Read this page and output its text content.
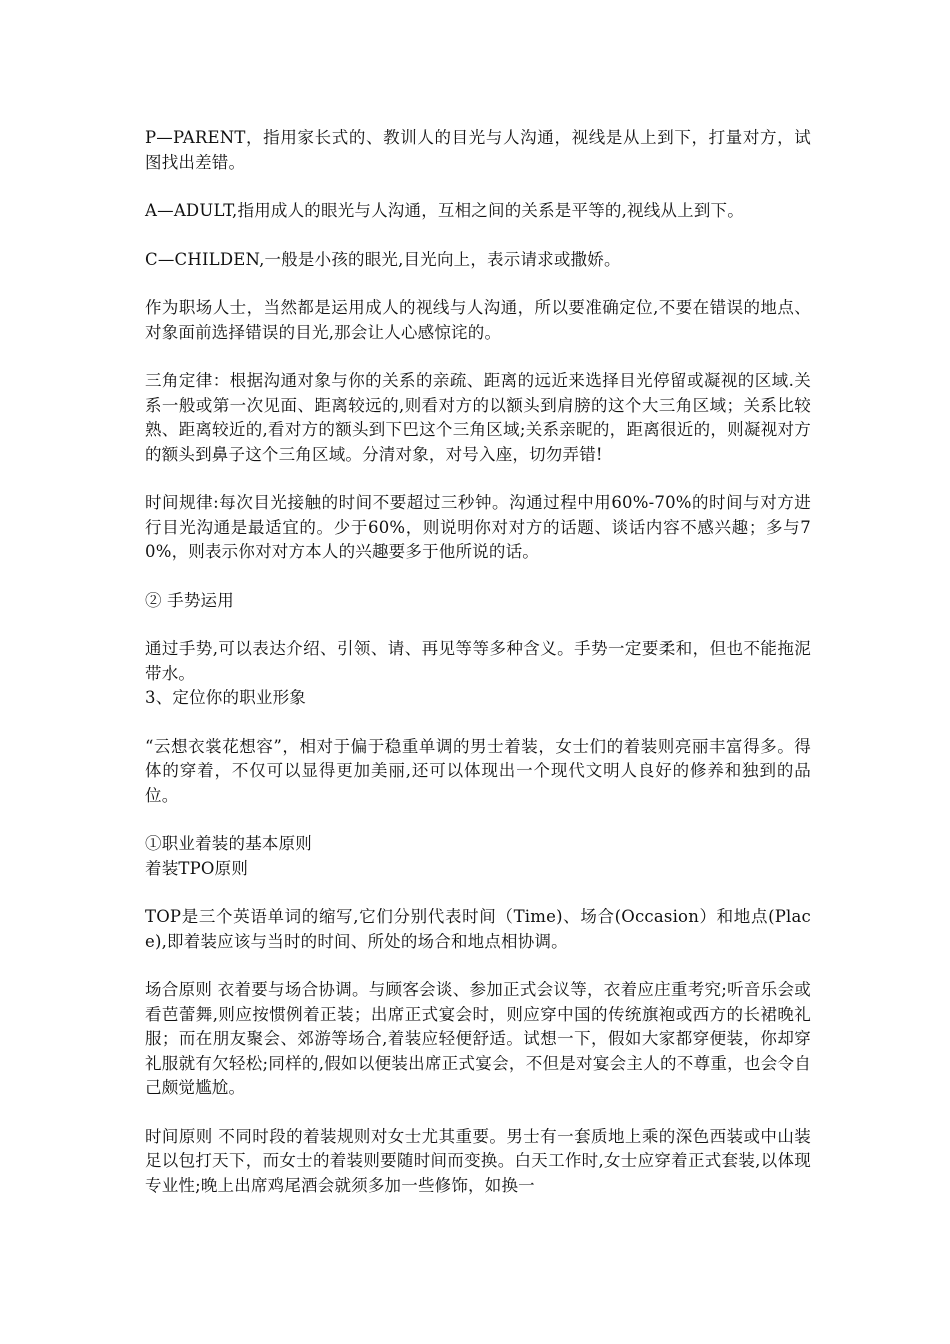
P—PARENT，指用家长式的、教训人的目光与人沟通，视线是从上到下，打量对方，试图找出差错。

A—ADULT,指用成人的眼光与人沟通，互相之间的关系是平等的,视线从上到下。

C—CHILDEN,一般是小孩的眼光,目光向上，表示请求或撒娇。

作为职场人士，当然都是运用成人的视线与人沟通，所以要准确定位,不要在错误的地点、对象面前选择错误的目光,那会让人心感惊诧的。

三角定律：根据沟通对象与你的关系的亲疏、距离的远近来选择目光停留或凝视的区域.关系一般或第一次见面、距离较远的,则看对方的以额头到肩膀的这个大三角区域；关系比较熟、距离较近的,看对方的额头到下巴这个三角区域;关系亲昵的，距离很近的，则凝视对方的额头到鼻子这个三角区域。分清对象，对号入座，切勿弄错!

时间规律:每次目光接触的时间不要超过三秒钟。沟通过程中用60%-70%的时间与对方进行目光沟通是最适宜的。少于60%，则说明你对对方的话题、谈话内容不感兴趣；多与70%，则表示你对对方本人的兴趣要多于他所说的话。

② 手势运用

通过手势,可以表达介绍、引领、请、再见等等多种含义。手势一定要柔和，但也不能拖泥带水。

3、定位你的职业形象

“云想衣裳花想容”，相对于偏于稳重单调的男士着装，女士们的着装则亮丽丰富得多。得体的穿着，不仅可以显得更加美丽,还可以体现出一个现代文明人良好的修养和独到的品位。

①职业着装的基本原则

着装TPO原则

TOP是三个英语单词的缩写,它们分别代表时间（Time)、场合(Occasion）和地点(Place),即着装应该与当时的时间、所处的场合和地点相协调。

场合原则 衣着要与场合协调。与顾客会谈、参加正式会议等，衣着应庄重考究;听音乐会或看芭蕾舞,则应按惯例着正装；出席正式宴会时，则应穿中国的传统旗袍或西方的长裙晚礼服；而在朋友聚会、郊游等场合,着装应轻便舒适。试想一下，假如大家都穿便装，你却穿礼服就有欠轻松;同样的,假如以便装出席正式宴会，不但是对宴会主人的不尊重，也会令自己颇觉尴尬。

时间原则 不同时段的着装规则对女士尤其重要。男士有一套质地上乘的深色西装或中山装足以包打天下，而女士的着装则要随时间而变换。白天工作时,女士应穿着正式套装,以体现专业性;晚上出席鸡尾酒会就须多加一些修饰，如换一
